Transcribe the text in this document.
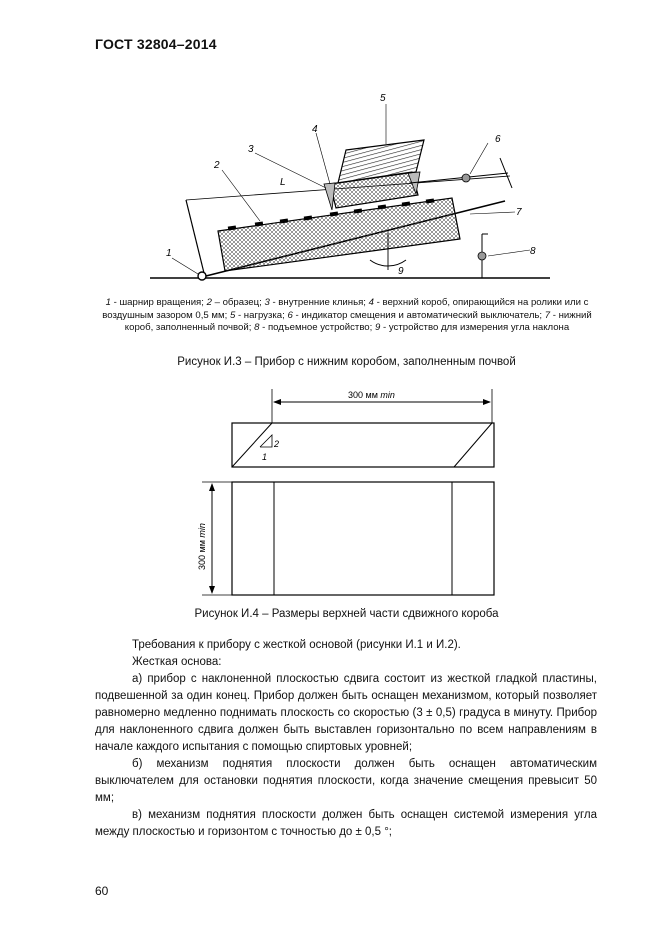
ГОСТ 32804–2014
1
2
3
4
5
6
7
8
9
L
1 - шарнир вращения; 2 – образец; 3 - внутренние клинья; 4 - верхний короб, опирающийся на ролики или с воздушным зазором 0,5 мм; 5 - нагрузка; 6 - индикатор смещения и автоматический выключатель; 7 - нижний короб, заполненный почвой; 8 - подъемное устройство; 9 - устройство для измерения угла наклона
Рисунок И.3 – Прибор с нижним коробом, заполненным почвой
300 мм min
2
1
300 мм min
Рисунок И.4 – Размеры верхней части сдвижного короба
Требования к прибору с жесткой основой (рисунки И.1 и И.2).
Жесткая основа:
а) прибор с наклоненной плоскостью сдвига состоит из жесткой гладкой пластины, подвешенной за один конец. Прибор должен быть оснащен механизмом, который позволяет равномерно медленно поднимать плоскость со скоростью (3 ± 0,5) градуса в минуту. Прибор для наклоненного сдвига должен быть выставлен горизонтально по всем направлениям в начале каждого испытания с помощью спиртовых уровней;
б) механизм поднятия плоскости должен быть оснащен автоматическим выключателем для остановки поднятия плоскости, когда значение смещения превысит 50 мм;
в) механизм поднятия плоскости должен быть оснащен системой измерения угла между плоскостью и горизонтом с точностью до ± 0,5 °;
60
